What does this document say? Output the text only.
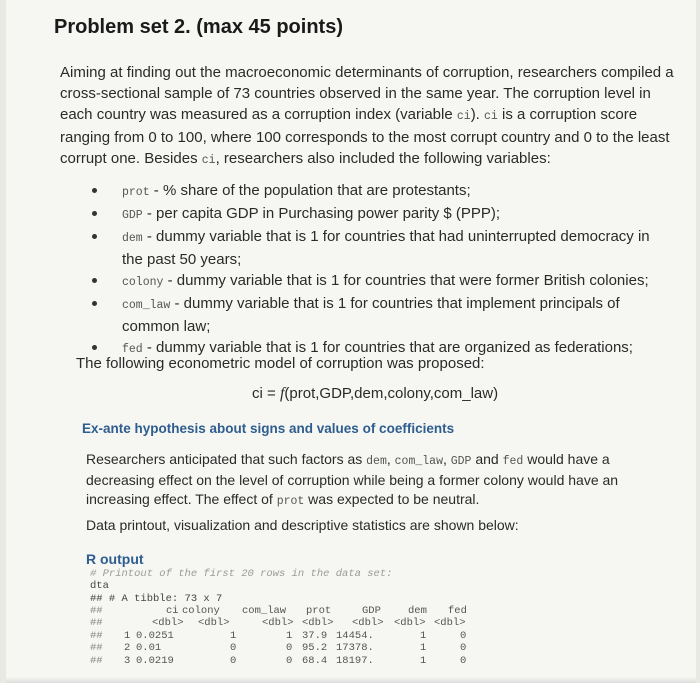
Problem set 2. (max 45 points)
Aiming at finding out the macroeconomic determinants of corruption, researchers compiled a cross-sectional sample of 73 countries observed in the same year. The corruption level in each country was measured as a corruption index (variable ci). ci is a corruption score ranging from 0 to 100, where 100 corresponds to the most corrupt country and 0 to the least corrupt one. Besides ci, researchers also included the following variables:
prot - % share of the population that are protestants;
GDP - per capita GDP in Purchasing power parity $ (PPP);
dem - dummy variable that is 1 for countries that had uninterrupted democracy in the past 50 years;
colony - dummy variable that is 1 for countries that were former British colonies;
com_law - dummy variable that is 1 for countries that implement principals of common law;
fed - dummy variable that is 1 for countries that are organized as federations;
The following econometric model of corruption was proposed:
ci = f(prot,GDP,dem,colony,com_law)
Ex-ante hypothesis about signs and values of coefficients
Researchers anticipated that such factors as dem, com_law, GDP and fed would have a decreasing effect on the level of corruption while being a former colony would have an increasing effect. The effect of prot was expected to be neutral.
Data printout, visualization and descriptive statistics are shown below:
R output
# Printout of the first 20 rows in the data set:
dta
## # A tibble: 73 x 7
##	ci colony com_law prot	GDP	dem fed
##	<dbl> <dbl>	<dbl> <dbl> <dbl> <dbl> <dbl>
## 1 0.0251	1	1 37.9 14454.	1	0
## 2 0.01	0	0 95.2 17378.	1	0
## 3 0.0219	0	0 68.4 18197.	1	0
